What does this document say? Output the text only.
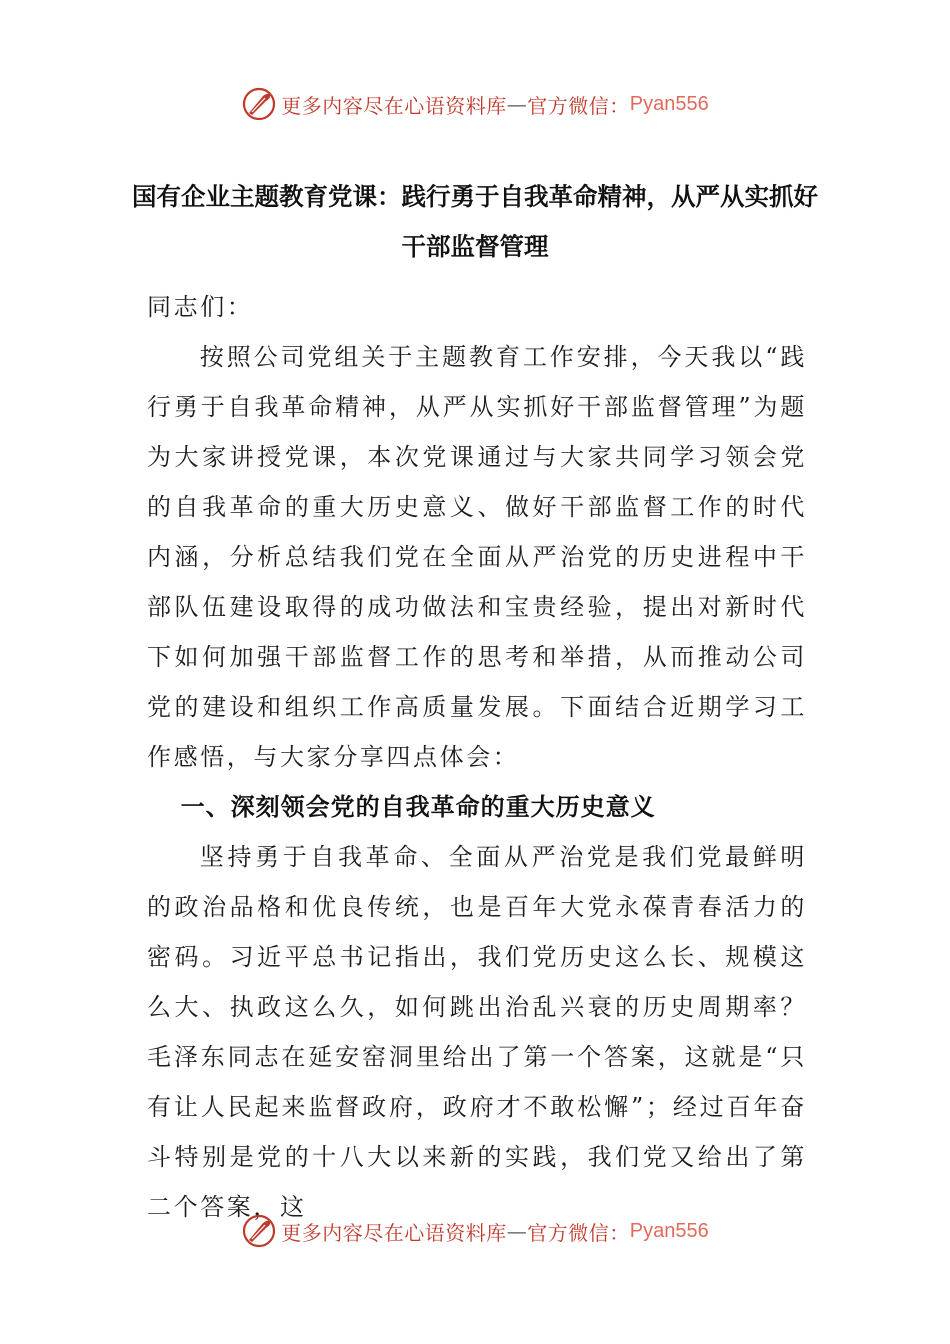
更多内容尽在心语资料库 — 官方微信： Pyan556
国有企业主题教育党课：践行勇于自我革命精神，从严从实抓好干部监督管理

同志们：

按照公司党组关于主题教育工作安排，今天我以“践行勇于自我革命精神，从严从实抓好干部监督管理”为题为大家讲授党课，本次党课通过与大家共同学习领会党的自我革命的重大历史意义、做好干部监督工作的时代内涵，分析总结我们党在全面从严治党的历史进程中干部队伍建设取得的成功做法和宝贵经验，提出对新时代下如何加强干部监督工作的思考和举措，从而推动公司党的建设和组织工作高质量发展。下面结合近期学习工作感悟，与大家分享四点体会：

一、深刻领会党的自我革命的重大历史意义

坚持勇于自我革命、全面从严治党是我们党最鲜明的政治品格和优良传统，也是百年大党永葆青春活力的密码。习近平总书记指出，我们党历史这么长、规模这么大、执政这么久，如何跳出治乱兴衰的历史周期率？毛泽东同志在延安窑洞里给出了第一个答案，这就是“只有让人民起来监督政府，政府才不敢松懈”；经过百年奋斗特别是党的十八大以来新的实践，我们党又给出了第二个答案，这

更多内容尽在心语资料库 — 官方微信： Pyan556
